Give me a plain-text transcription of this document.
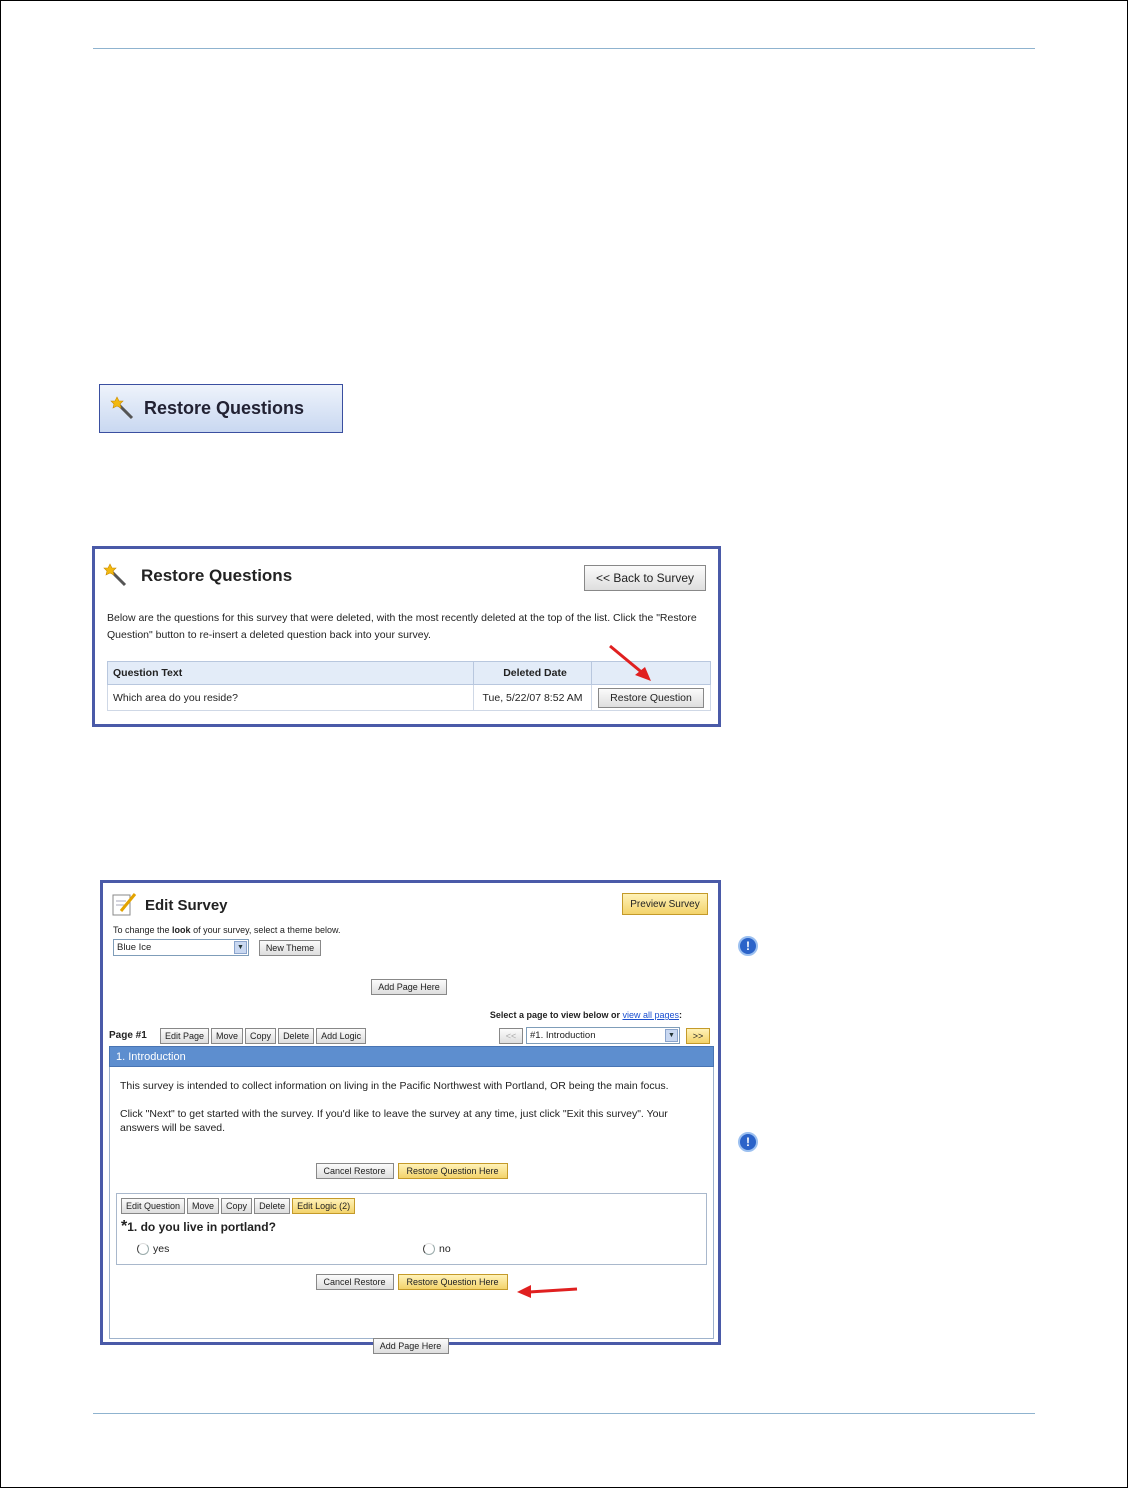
Restore Questions
Restore Questions	<< Back to Survey
Below are the questions for this survey that were deleted, with the most recently deleted at the top of the list. Click the "Restore Question" button to re-insert a deleted question back into your survey.
Question Text	Deleted Date	
Which area do you reside?	Tue, 5/22/07 8:52 AM	Restore Question
Edit Survey	Preview Survey
To change the look of your survey, select a theme below.
Blue Ice	▼	New Theme
Add Page Here
Select a page to view below or view all pages:
Page #1	Edit Page	Move	Copy	Delete	Add Logic	<<	#1. Introduction	▼	>>
1. Introduction

This survey is intended to collect information on living in the Pacific Northwest with Portland, OR being the main focus.

Click "Next" to get started with the survey. If you'd like to leave the survey at any time, just click "Exit this survey". Your answers will be saved.

Cancel Restore	Restore Question Here
Edit Question	Move	Copy	Delete	Edit Logic (2)
*1. do you live in portland?
yes	no
Cancel Restore	Restore Question Here
Add Page Here
!
!
